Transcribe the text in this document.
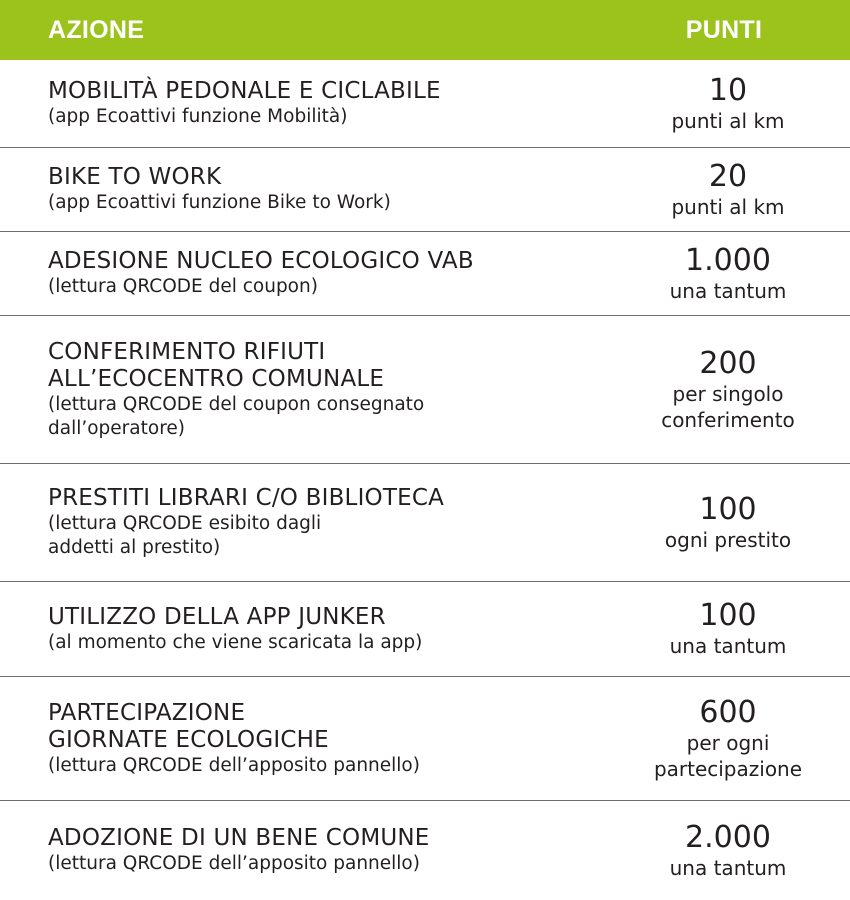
AZIONE	PUNTI
MOBILITÀ PEDONALE E CICLABILE
(app Ecoattivi funzione Mobilità)
10
punti al km
BIKE TO WORK
(app Ecoattivi funzione Bike to Work)
20
punti al km
ADESIONE NUCLEO ECOLOGICO VAB
(lettura QRCODE del coupon)
1.000
una tantum
CONFERIMENTO RIFIUTI
ALL’ECOCENTRO COMUNALE
(lettura QRCODE del coupon consegnato
dall’operatore)
200
per singolo
conferimento
PRESTITI LIBRARI C/O BIBLIOTECA
(lettura QRCODE esibito dagli
addetti al prestito)
100
ogni prestito
UTILIZZO DELLA APP JUNKER
(al momento che viene scaricata la app)
100
una tantum
PARTECIPAZIONE
GIORNATE ECOLOGICHE
(lettura QRCODE dell’apposito pannello)
600
per ogni
partecipazione
ADOZIONE DI UN BENE COMUNE
(lettura QRCODE dell’apposito pannello)
2.000
una tantum
